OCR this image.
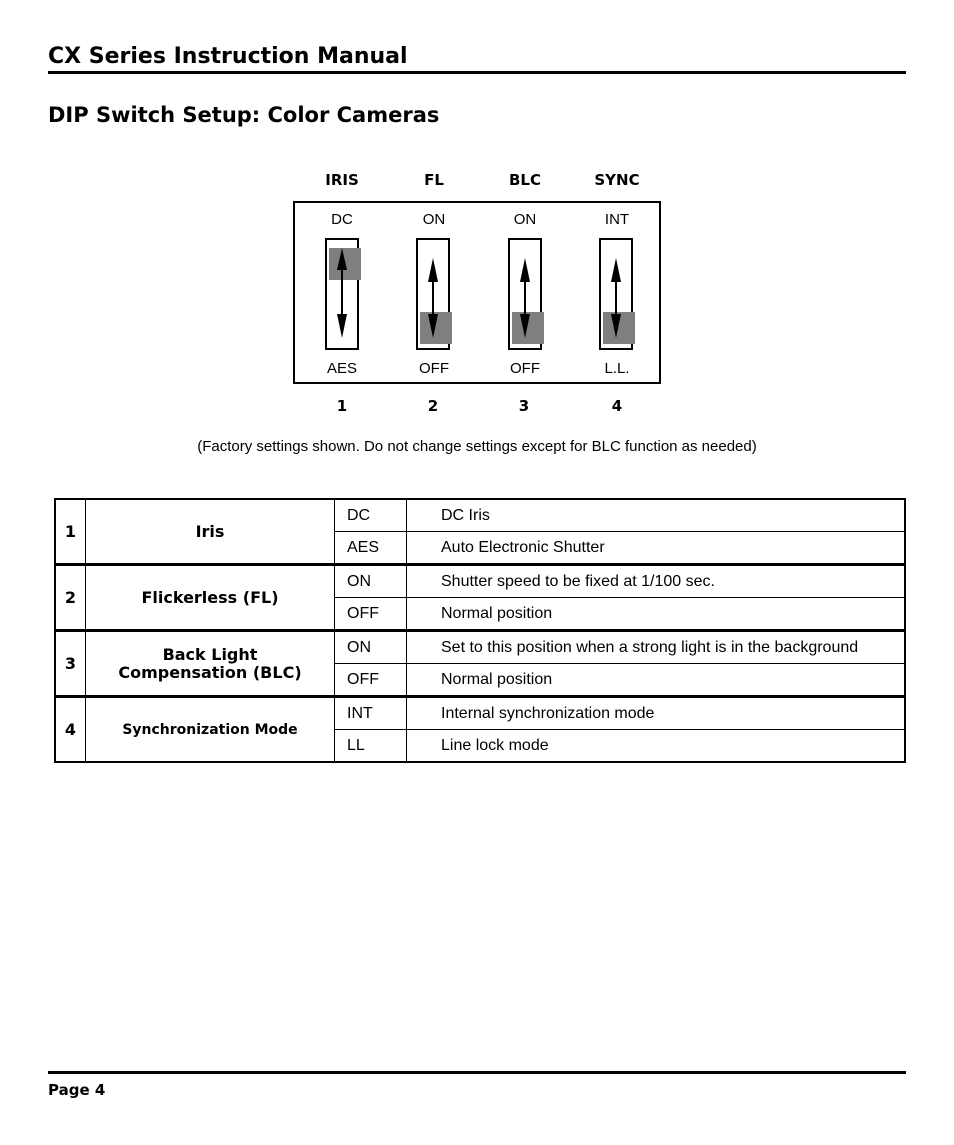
CX Series Instruction Manual
DIP Switch Setup: Color Cameras
IRIS	FL	BLC	SYNC
DC	ON	ON	INT
AES	OFF	OFF	L.L.
1	2	3	4
(Factory settings shown. Do not change settings except for BLC function as needed)
1	Iris	DC	DC Iris
		AES	Auto Electronic Shutter
2	Flickerless (FL)	ON	Shutter speed to be fixed at 1/100 sec.
		OFF	Normal position
3	Back Light Compensation (BLC)	ON	Set to this position when a strong light is in the background
		OFF	Normal position
4	Synchronization Mode	INT	Internal synchronization mode
		LL	Line lock mode
Page 4
